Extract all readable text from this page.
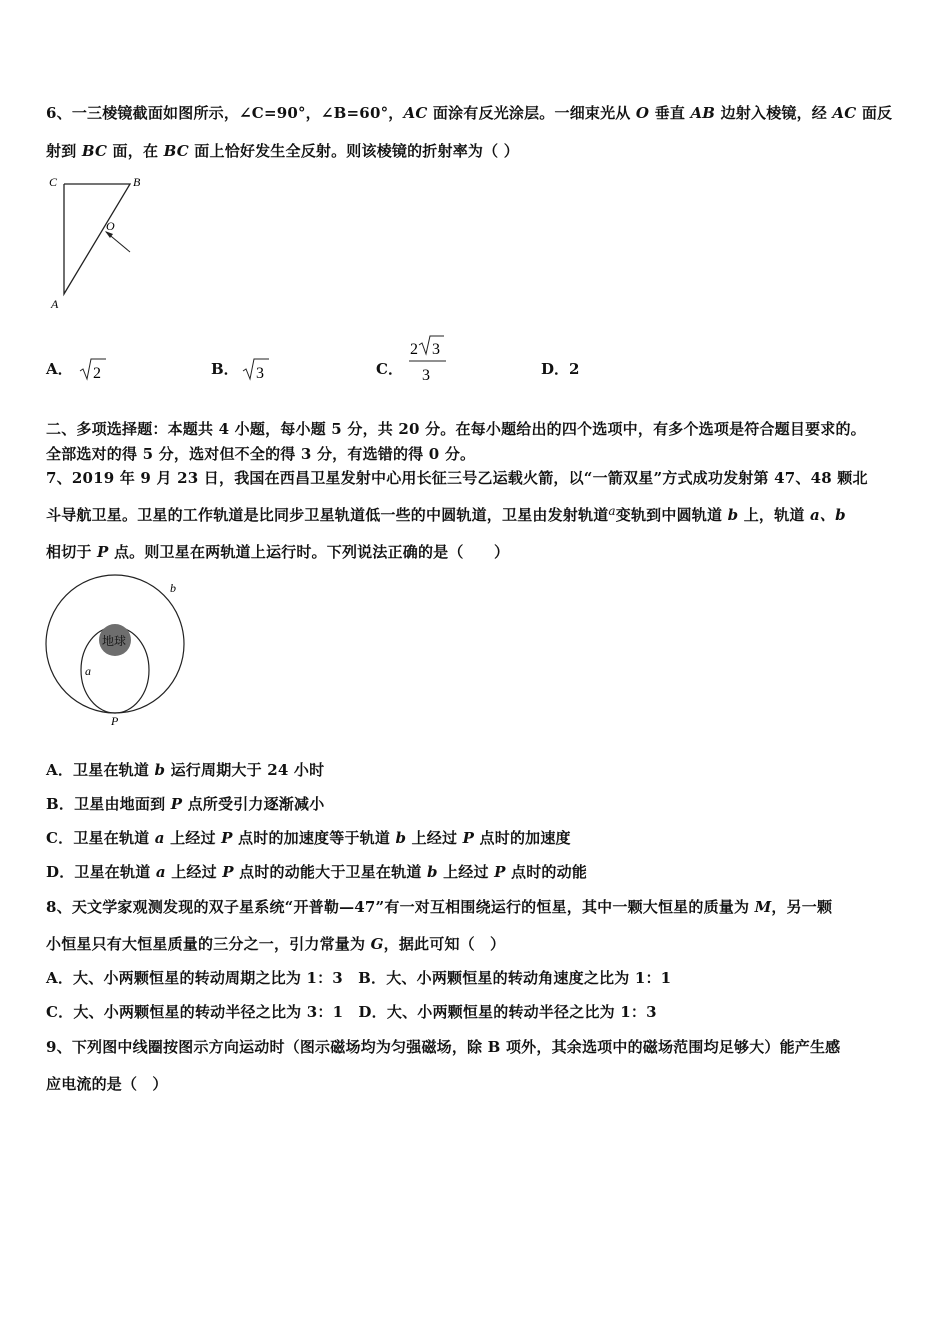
6、一三棱镜截面如图所示，∠C=90°，∠B=60°，AC 面涂有反光涂层。一细束光从 O 垂直 AB 边射入棱镜，经 AC 面反
射到 BC 面，在 BC 面上恰好发生全反射。则该棱镜的折射率为（ ）
C	B
O
A
A． 2	B． 3	C．
2 3
3	D．2
二、多项选择题：本题共 4 小题，每小题 5 分，共 20 分。在每小题给出的四个选项中，有多个选项是符合题目要求的。
全部选对的得 5 分，选对但不全的得 3 分，有选错的得 0 分。
7、2019 年 9 月 23 日，我国在西昌卫星发射中心用长征三号乙运载火箭，以“一箭双星”方式成功发射第 47、48 颗北
斗导航卫星。卫星的工作轨道是比同步卫星轨道低一些的中圆轨道，卫星由发射轨道$^a$变轨到中圆轨道 b 上，轨道 a、b
相切于 P 点。则卫星在两轨道上运行时。下列说法正确的是（　　）
地球
b
a
P
A．卫星在轨道 b 运行周期大于 24 小时
B．卫星由地面到 P 点所受引力逐渐减小
C．卫星在轨道 a 上经过 P 点时的加速度等于轨道 b 上经过 P 点时的加速度
D．卫星在轨道 a 上经过 P 点时的动能大于卫星在轨道 b 上经过 P 点时的动能
8、天文学家观测发现的双子星系统“开普勒—47”有一对互相围绕运行的恒星，其中一颗大恒星的质量为 M，另一颗
小恒星只有大恒星质量的三分之一，引力常量为 G，据此可知（　）
A．大、小两颗恒星的转动周期之比为 1：3　B．大、小两颗恒星的转动角速度之比为 1：1
C．大、小两颗恒星的转动半径之比为 3：1　D．大、小两颗恒星的转动半径之比为 1：3
9、下列图中线圈按图示方向运动时（图示磁场均为匀强磁场，除 B 项外，其余选项中的磁场范围均足够大）能产生感
应电流的是（　）
